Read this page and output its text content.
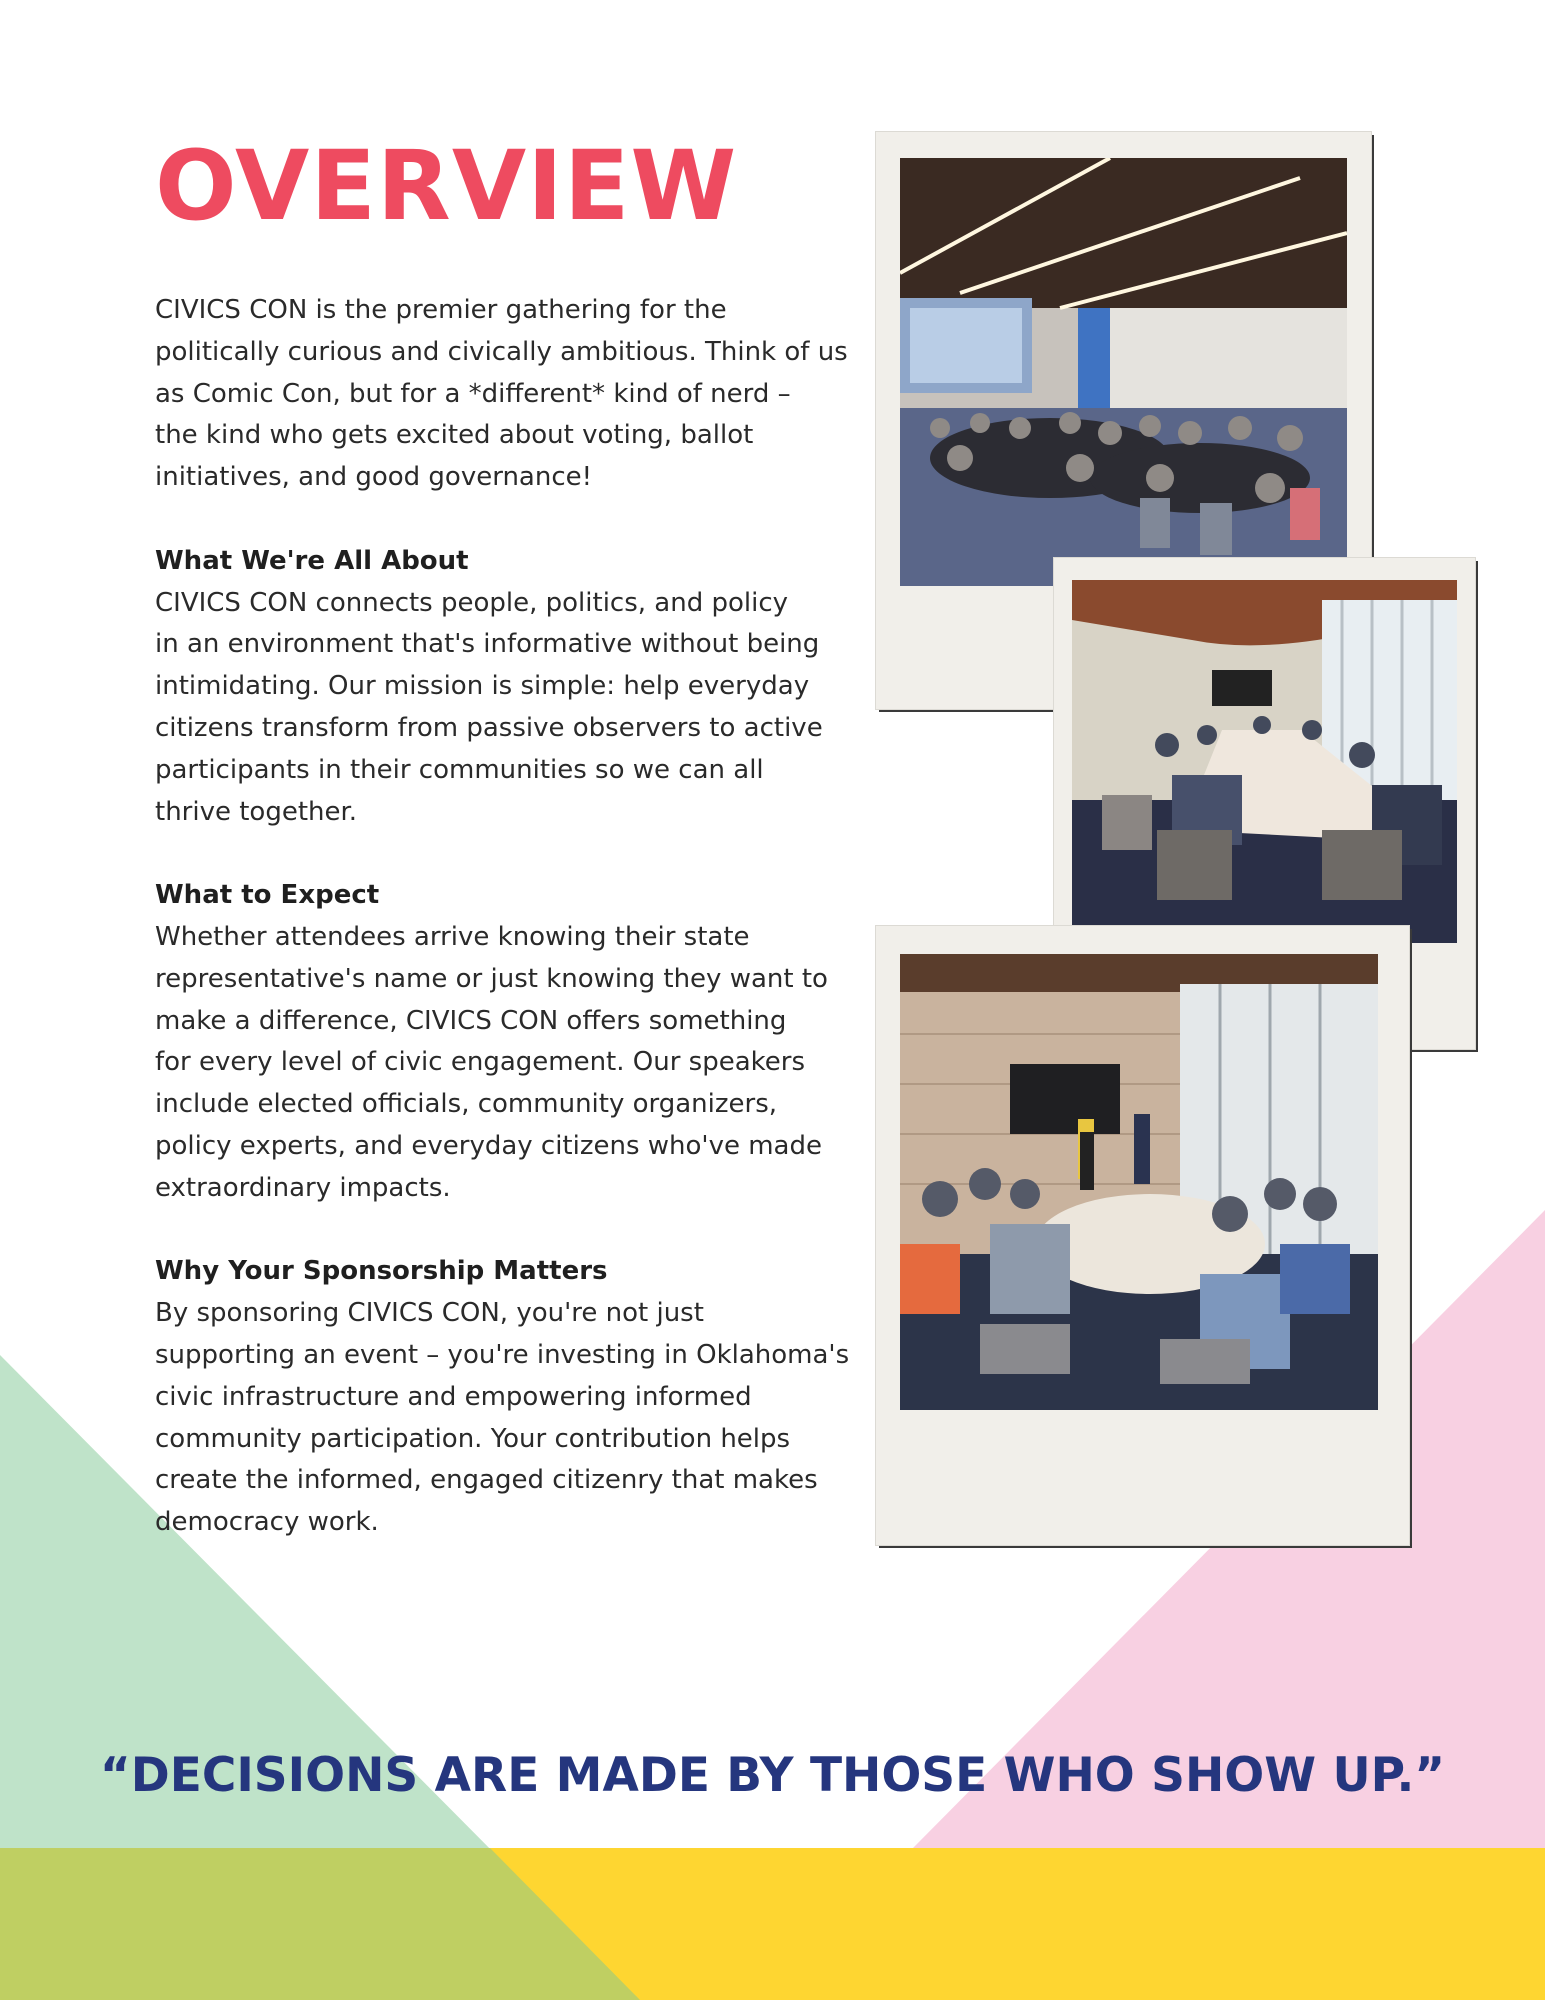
OVERVIEW

CIVICS CON is the premier gathering for the
politically curious and civically ambitious. Think of us
as Comic Con, but for a *different* kind of nerd –
the kind who gets excited about voting, ballot
initiatives, and good governance!

What We're All About

CIVICS CON connects people, politics, and policy
in an environment that's informative without being
intimidating. Our mission is simple: help everyday
citizens transform from passive observers to active
participants in their communities so we can all
thrive together.

What to Expect

Whether attendees arrive knowing their state
representative's name or just knowing they want to
make a difference, CIVICS CON offers something
for every level of civic engagement. Our speakers
include elected officials, community organizers,
policy experts, and everyday citizens who've made
extraordinary impacts.

Why Your Sponsorship Matters

By sponsoring CIVICS CON, you're not just
supporting an event – you're investing in Oklahoma's
civic infrastructure and empowering informed
community participation. Your contribution helps
create the informed, engaged citizenry that makes
democracy work.

“DECISIONS ARE MADE BY THOSE WHO SHOW UP.”
